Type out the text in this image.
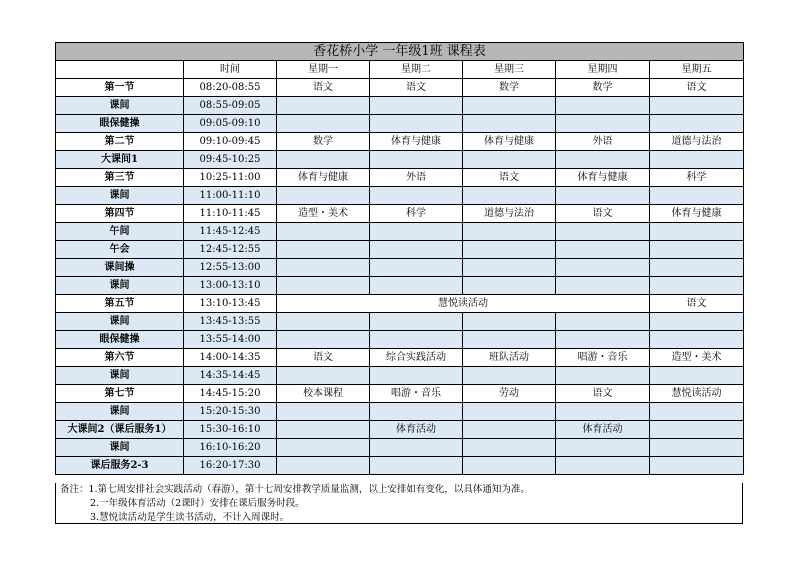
香花桥小学 一年级1班 课程表						
	时间	星期一	星期二	星期三	星期四	星期五
第一节	08:20-08:55	语文	语文	数学	数学	语文
课间	08:55-09:05					
眼保健操	09:05-09:10					
第二节	09:10-09:45	数学	体育与健康	体育与健康	外语	道德与法治
大课间1	09:45-10:25					
第三节	10:25-11:00	体育与健康	外语	语文	体育与健康	科学
课间	11:00-11:10					
第四节	11:10-11:45	造型・美术	科学	道德与法治	语文	体育与健康
午间	11:45-12:45					
午会	12:45-12:55					
课间操	12:55-13:00					
课间	13:00-13:10					
第五节	13:10-13:45	慧悦读活动				语文
课间	13:45-13:55					
眼保健操	13:55-14:00					
第六节	14:00-14:35	语文	综合实践活动	班队活动	唱游・音乐	造型・美术
课间	14:35-14:45					
第七节	14:45-15:20	校本课程	唱游・音乐	劳动	语文	慧悦读活动
课间	15:20-15:30					
大课间2（课后服务1）	15:30-16:10		体育活动		体育活动	
课间	16:10-16:20					
课后服务2-3	16:20-17:30					
备注：1.第七周安排社会实践活动（春游），第十七周安排教学质量监测，以上安排如有变化，以具体通知为准。
2.一年级体育活动（2课时）安排在课后服务时段。
3.慧悦读活动是学生读书活动，不计入周课时。
